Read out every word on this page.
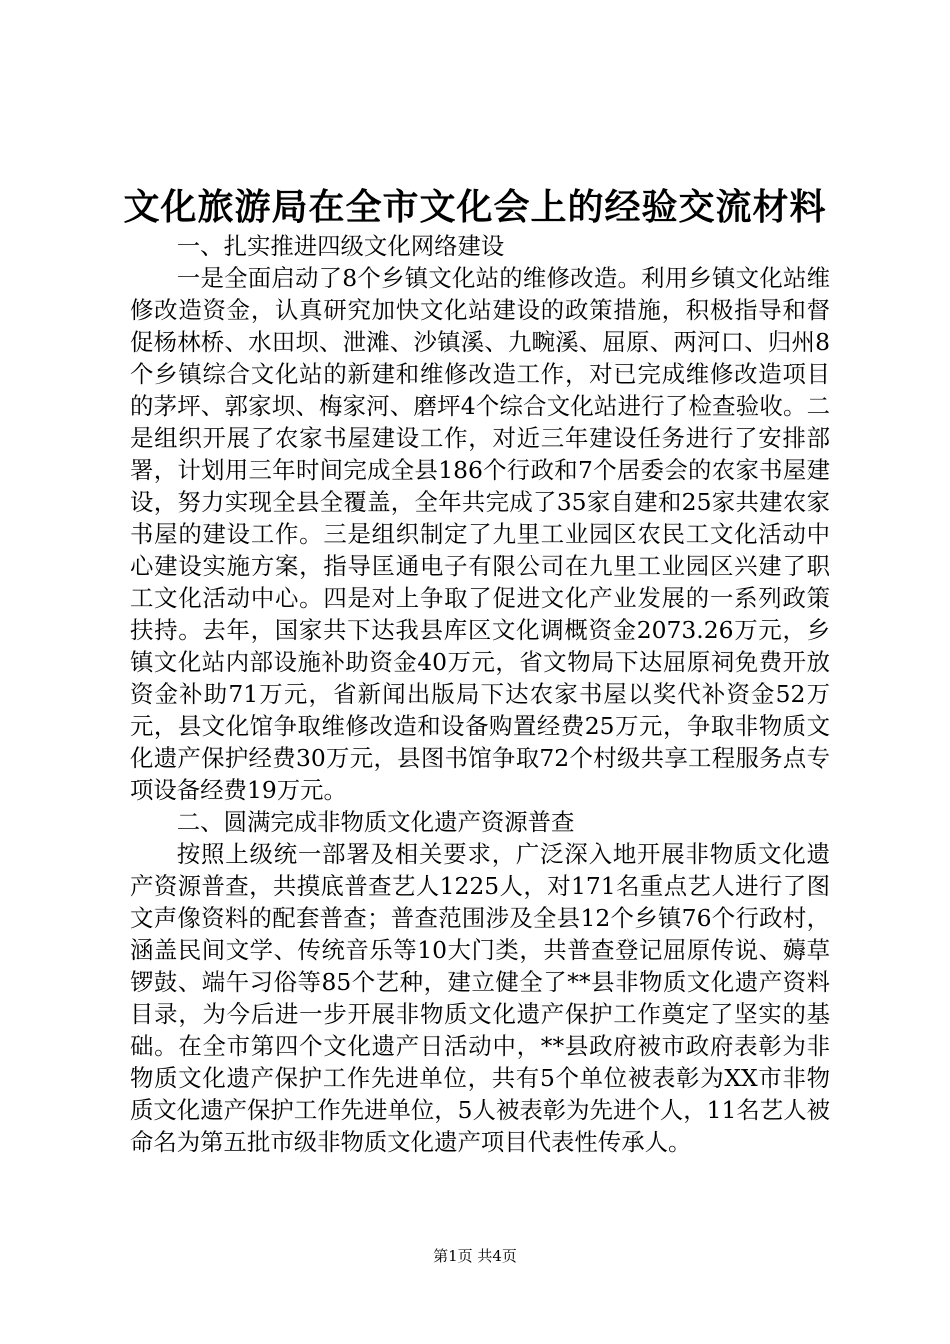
文化旅游局在全市文化会上的经验交流材料

一、扎实推进四级文化网络建设

一是全面启动了8个乡镇文化站的维修改造。利用乡镇文化站维修改造资金，认真研究加快文化站建设的政策措施，积极指导和督促杨林桥、水田坝、泄滩、沙镇溪、九畹溪、屈原、两河口、归州8个乡镇综合文化站的新建和维修改造工作，对已完成维修改造项目的茅坪、郭家坝、梅家河、磨坪4个综合文化站进行了检查验收。二是组织开展了农家书屋建设工作，对近三年建设任务进行了安排部署，计划用三年时间完成全县186个行政和7个居委会的农家书屋建设，努力实现全县全覆盖，全年共完成了35家自建和25家共建农家书屋的建设工作。三是组织制定了九里工业园区农民工文化活动中心建设实施方案，指导匡通电子有限公司在九里工业园区兴建了职工文化活动中心。四是对上争取了促进文化产业发展的一系列政策扶持。去年，国家共下达我县库区文化调概资金2073.26万元，乡镇文化站内部设施补助资金40万元，省文物局下达屈原祠免费开放资金补助71万元，省新闻出版局下达农家书屋以奖代补资金52万元，县文化馆争取维修改造和设备购置经费25万元，争取非物质文化遗产保护经费30万元，县图书馆争取72个村级共享工程服务点专项设备经费19万元。

二、圆满完成非物质文化遗产资源普查

按照上级统一部署及相关要求，广泛深入地开展非物质文化遗产资源普查，共摸底普查艺人1225人，对171名重点艺人进行了图文声像资料的配套普查；普查范围涉及全县12个乡镇76个行政村，涵盖民间文学、传统音乐等10大门类，共普查登记屈原传说、薅草锣鼓、端午习俗等85个艺种，建立健全了**县非物质文化遗产资料目录，为今后进一步开展非物质文化遗产保护工作奠定了坚实的基础。在全市第四个文化遗产日活动中，**县政府被市政府表彰为非物质文化遗产保护工作先进单位，共有5个单位被表彰为XX市非物质文化遗产保护工作先进单位，5人被表彰为先进个人，11名艺人被命名为第五批市级非物质文化遗产项目代表性传承人。

第1页 共4页
